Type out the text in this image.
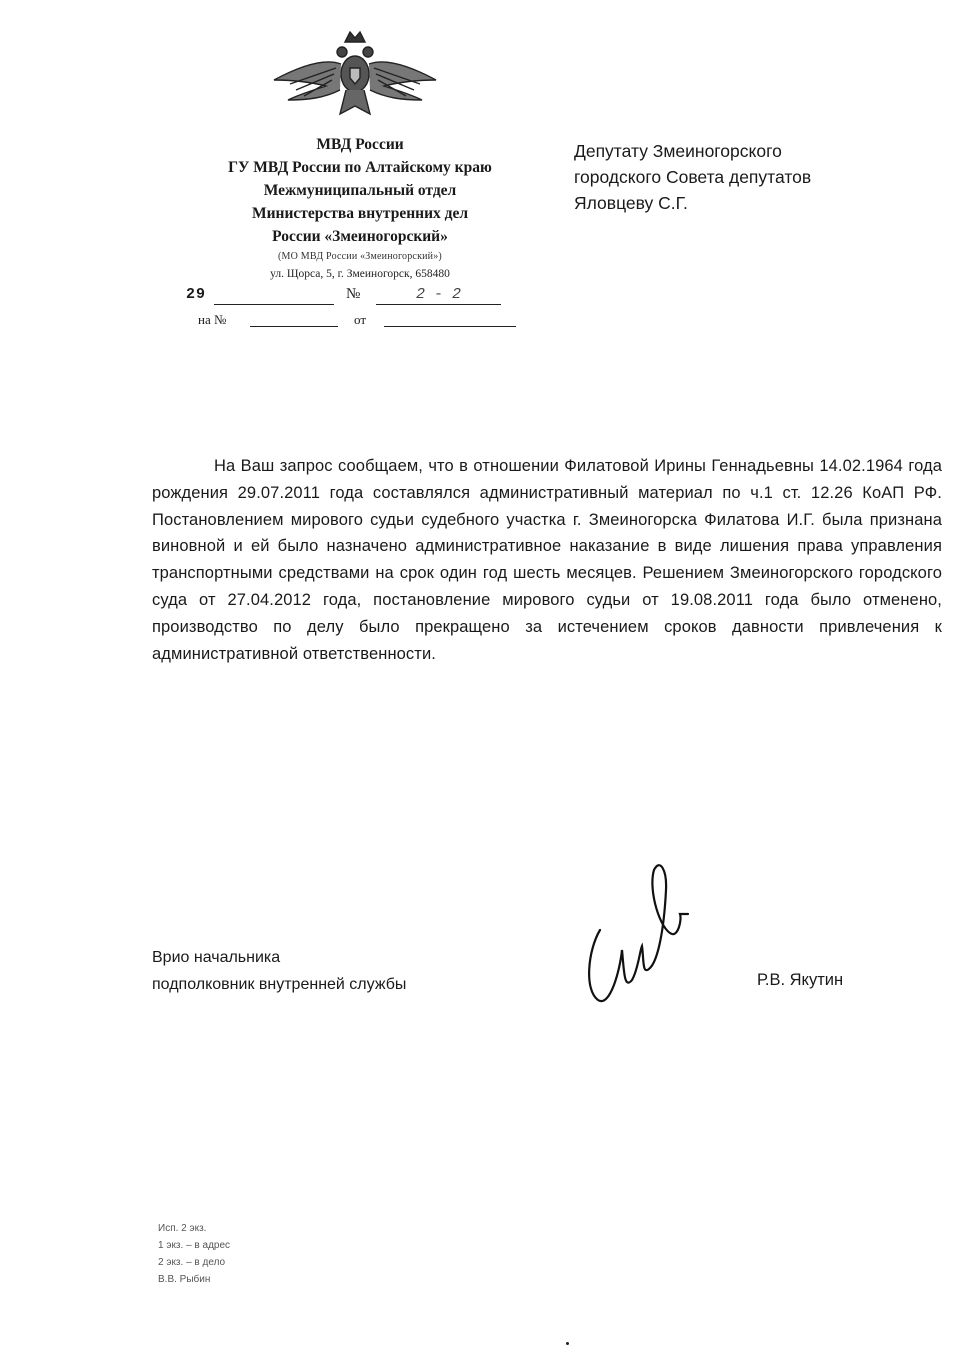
МВД России
ГУ МВД России по Алтайскому краю
Межмуниципальный отдел
Министерства внутренних дел
России «Змеиногорский»
(МО МВД России «Змеиногорский»)
ул. Щорса, 5, г. Змеиногорск, 658480
29	№	2 - 2
на №	от
Депутату Змеиногорского
городского Совета депутатов
Яловцеву С.Г.
На Ваш запрос сообщаем, что в отношении Филатовой Ирины Геннадьевны 14.02.1964 года рождения 29.07.2011 года составлялся административный материал по ч.1 ст. 12.26 КоАП РФ. Постановлением мирового судьи судебного участка г. Змеиногорска Филатова И.Г. была признана виновной и ей было назначено административное наказание в виде лишения права управления транспортными средствами на срок один год шесть месяцев. Решением Змеиногорского городского суда от 27.04.2012 года, постановление мирового судьи от 19.08.2011 года было отменено, производство по делу было прекращено за истечением сроков давности привлечения к административной ответственности.
Врио начальника
подполковник внутренней службы	Р.В. Якутин
Исп. 2 экз.
1 экз. – в адрес
2 экз. – в дело
В.В. Рыбин
